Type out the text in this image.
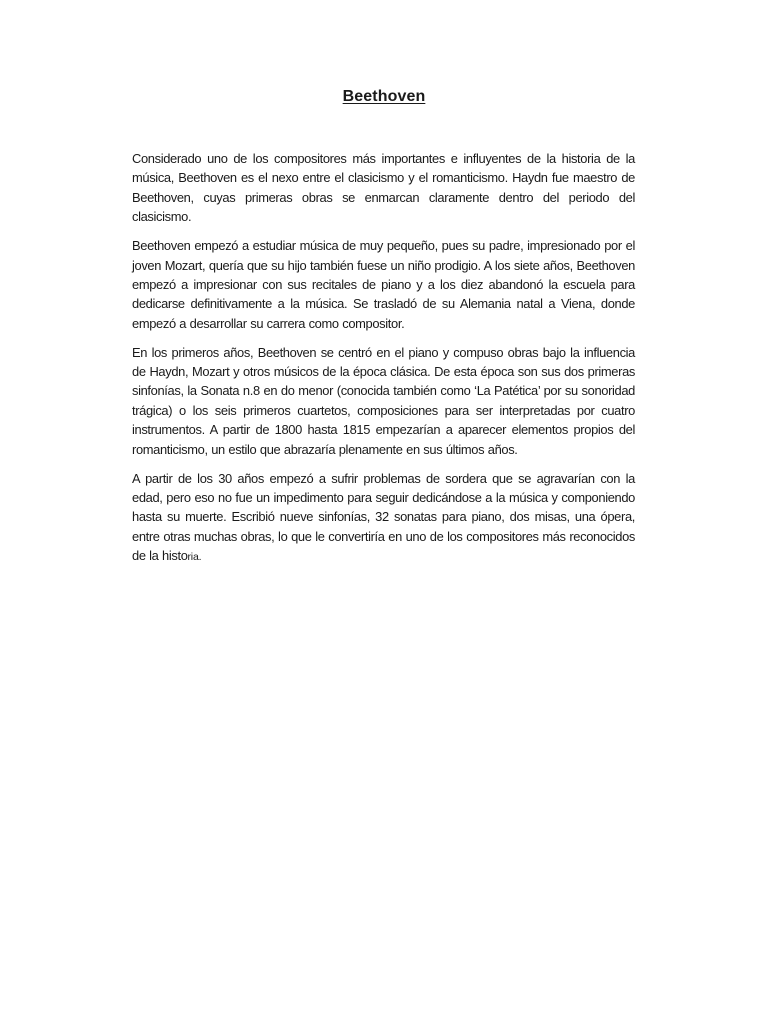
Beethoven

Considerado uno de los compositores más importantes e influyentes de la historia de la música, Beethoven es el nexo entre el clasicismo y el romanticismo. Haydn fue maestro de Beethoven, cuyas primeras obras se enmarcan claramente dentro del periodo del clasicismo.

Beethoven empezó a estudiar música de muy pequeño, pues su padre, impresionado por el joven Mozart, quería que su hijo también fuese un niño prodigio. A los siete años, Beethoven empezó a impresionar con sus recitales de piano y a los diez abandonó la escuela para dedicarse definitivamente a la música. Se trasladó de su Alemania natal a Viena, donde empezó a desarrollar su carrera como compositor.

En los primeros años, Beethoven se centró en el piano y compuso obras bajo la influencia de Haydn, Mozart y otros músicos de la época clásica. De esta época son sus dos primeras sinfonías, la Sonata n.8 en do menor (conocida también como ‘La Patética’ por su sonoridad trágica) o los seis primeros cuartetos, composiciones para ser interpretadas por cuatro instrumentos. A partir de 1800 hasta 1815 empezarían a aparecer elementos propios del romanticismo, un estilo que abrazaría plenamente en sus últimos años.

A partir de los 30 años empezó a sufrir problemas de sordera que se agravarían con la edad, pero eso no fue un impedimento para seguir dedicándose a la música y componiendo hasta su muerte. Escribió nueve sinfonías, 32 sonatas para piano, dos misas, una ópera, entre otras muchas obras, lo que le convertiría en uno de los compositores más reconocidos de la historia.
